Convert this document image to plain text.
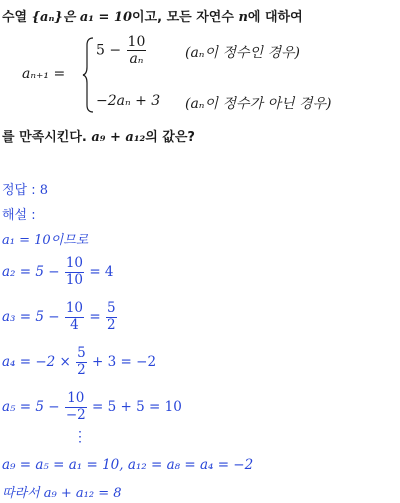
수열 {aₙ}은 a₁ = 10이고, 모든 자연수 n에 대하여
aₙ₊₁ =
$5 - \frac{10}{\text{aₙ}}$	(aₙ이 정수인 경우)
−2aₙ + 3 (aₙ이 정수가 아닌 경우)
를 만족시킨다. a₉ + a₁₂의 값은?
정답 : 8
해설 :
a₁ = 10이므로
$a_2 = 5 - \frac{10}{10} = 4$
$a_3 = 5 - \frac{10}{4} = \frac{5}{2}$
$a_4 = -2 \times \frac{5}{2} + 3 = -2$
$a_5 = 5 - \frac{10}{-2} = 5 + 5 = 10$
⋮
a₉ = a₅ = a₁ = 10, a₁₂ = a₈ = a₄ = −2
따라서 a₉ + a₁₂ = 8
